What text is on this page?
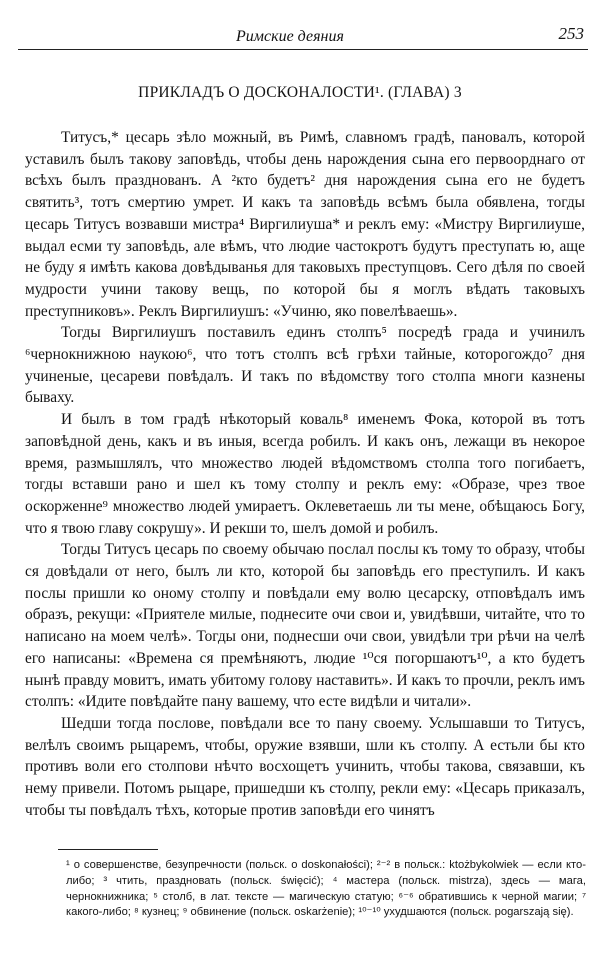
Римские деяния	253
ПРИКЛАДЪ О ДОСКОНАЛОСТИ¹. (ГЛАВА) 3

Титусъ,* цесарь зѣло можный, въ Римѣ, славномъ градѣ, пановалъ, которой уставилъ былъ такову заповѣдь, чтобы день нарождения сына его первоорднаго от всѣхъ былъ празднованъ. А ²кто будетъ² дня нарождения сына его не будетъ святить³, тотъ смертию умрет. И какъ та заповѣдь всѣмъ была обявлена, тогды цесарь Титусъ возвавши мистра⁴ Виргилиуша* и реклъ ему: «Мистру Виргилиуше, выдал есми ту заповѣдь, але вѣмъ, что людие частокротъ будутъ преступать ю, аще не буду я имѣть какова довѣдыванья для таковыхъ преступцовъ. Сего дѣля по своей мудрости учини такову вещь, по которой бы я моглъ вѣдать таковыхъ преступниковъ». Реклъ Виргилиушъ: «Учиню, яко повелѣваешь».

Тогды Виргилиушъ поставилъ единъ столпъ⁵ посредѣ града и учинилъ ⁶чернокнижною наукою⁶, что тотъ столпъ всѣ грѣхи тайные, которогождо⁷ дня учиненые, цесареви повѣдалъ. И такъ по вѣдомству того столпа многи казнены бываху.

И былъ в том градѣ нѣкоторый коваль⁸ именемъ Фока, которой въ тотъ заповѣдной день, какъ и въ иныя, всегда робилъ. И какъ онъ, лежащи въ некорое время, размышлялъ, что множество людей вѣдомствомъ столпа того погибаетъ, тогды вставши рано и шел къ тому столпу и реклъ ему: «Образе, чрез твое оскорженне⁹ множество людей умираетъ. Оклеветаешь ли ты мене, обѣщаюсь Богу, что я твою главу сокрушу». И рекши то, шелъ домой и робилъ.

Тогды Титусъ цесарь по своему обычаю послал послы къ тому то образу, чтобы ся довѣдали от него, былъ ли кто, которой бы заповѣдь его преступилъ. И какъ послы пришли ко оному столпу и повѣдали ему волю цесарску, отповѣдалъ имъ образъ, рекущи: «Приятеле милые, поднесите очи свои и, увидѣвши, читайте, что то написано на моем челѣ». Тогды они, поднесши очи свои, увидѣли три рѣчи на челѣ его написаны: «Времена ся премѣняютъ, людие ¹⁰ся погоршаютъ¹⁰, а кто будетъ нынѣ правду мовитъ, имать убитому голову наставить». И какъ то прочли, реклъ имъ столпъ: «Идите повѣдайте пану вашему, что есте видѣли и читали».

Шедши тогда послове, повѣдали все то пану своему. Услышавши то Титусъ, велѣлъ своимъ рыцаремъ, чтобы, оружие взявши, шли къ столпу. А естьли бы кто противъ воли его столпови нѣчто восхощетъ учинить, чтобы такова, связавши, къ нему привели. Потомъ рыцаре, пришедши къ столпу, рекли ему: «Цесарь приказалъ, чтобы ты повѣдалъ тѣхъ, которые против заповѣди его чинятъ

¹ о совершенстве, безупречности (польск. o doskonałości); ²⁻² в польск.: ktożbykolwiek — если кто-либо; ³ чтить, праздновать (польск. święcić); ⁴ мастера (польск. mistrza), здесь — мага, чернокнижника; ⁵ столб, в лат. тексте — магическую статую; ⁶⁻⁶ обратившись к черной магии; ⁷ какого-либо; ⁸ кузнец; ⁹ обвинение (польск. oskarżenie); ¹⁰⁻¹⁰ ухудшаются (польск. pogarszają się).
